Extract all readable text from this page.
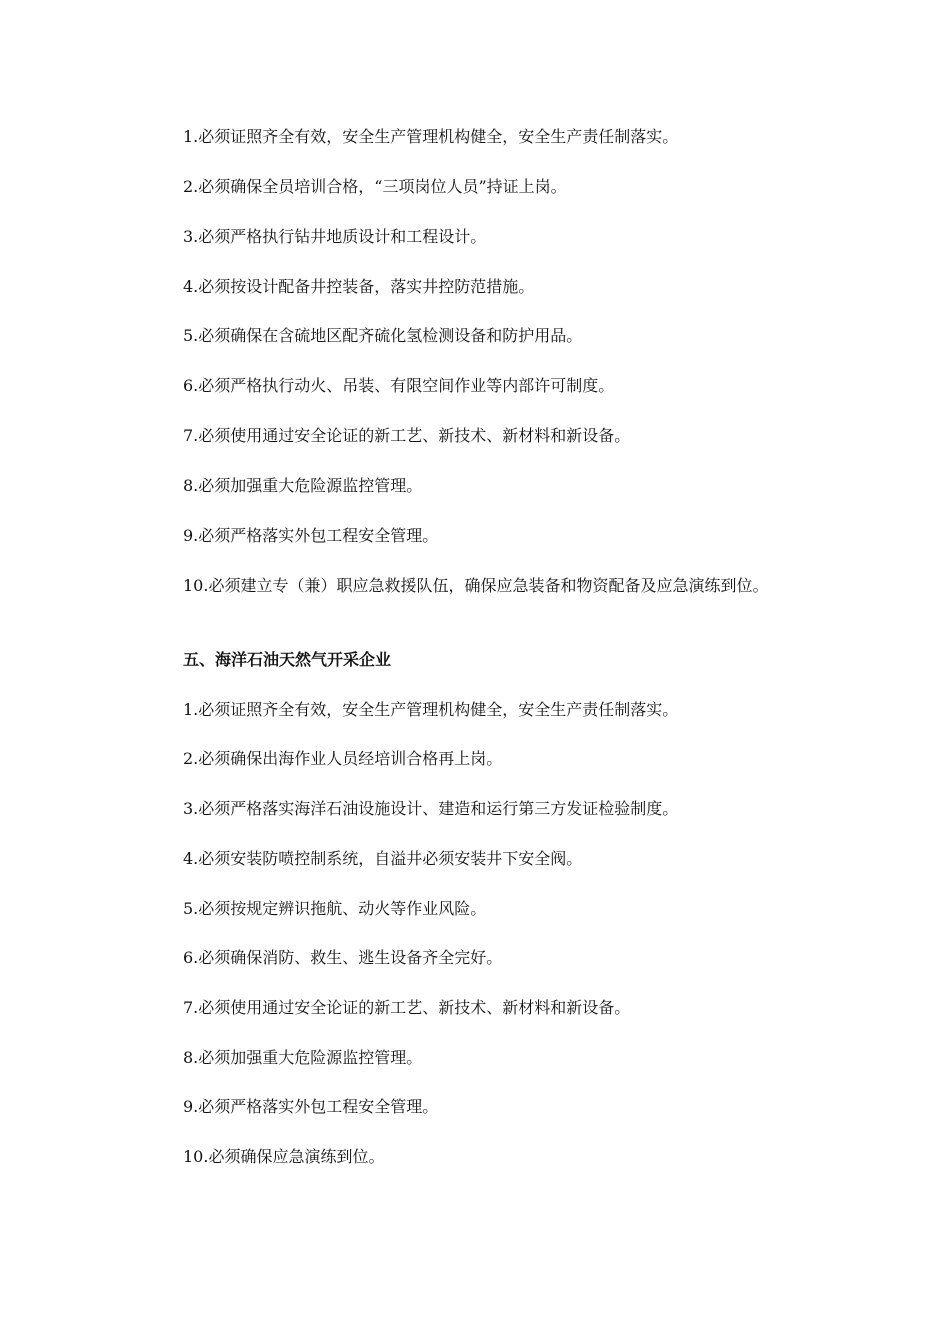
1.必须证照齐全有效，安全生产管理机构健全，安全生产责任制落实。

2.必须确保全员培训合格，“三项岗位人员”持证上岗。

3.必须严格执行钻井地质设计和工程设计。

4.必须按设计配备井控装备，落实井控防范措施。

5.必须确保在含硫地区配齐硫化氢检测设备和防护用品。

6.必须严格执行动火、吊装、有限空间作业等内部许可制度。

7.必须使用通过安全论证的新工艺、新技术、新材料和新设备。

8.必须加强重大危险源监控管理。

9.必须严格落实外包工程安全管理。

10.必须建立专（兼）职应急救援队伍，确保应急装备和物资配备及应急演练到位。

五、海洋石油天然气开采企业

1.必须证照齐全有效，安全生产管理机构健全，安全生产责任制落实。

2.必须确保出海作业人员经培训合格再上岗。

3.必须严格落实海洋石油设施设计、建造和运行第三方发证检验制度。

4.必须安装防喷控制系统，自溢井必须安装井下安全阀。

5.必须按规定辨识拖航、动火等作业风险。

6.必须确保消防、救生、逃生设备齐全完好。

7.必须使用通过安全论证的新工艺、新技术、新材料和新设备。

8.必须加强重大危险源监控管理。

9.必须严格落实外包工程安全管理。

10.必须确保应急演练到位。
